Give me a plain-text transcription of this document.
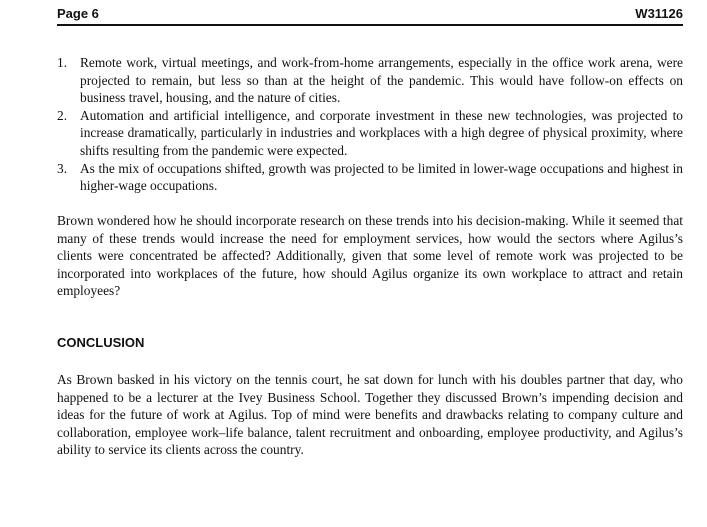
Page 6	W31126
1. Remote work, virtual meetings, and work-from-home arrangements, especially in the office work arena, were projected to remain, but less so than at the height of the pandemic. This would have follow-on effects on business travel, housing, and the nature of cities.
2. Automation and artificial intelligence, and corporate investment in these new technologies, was projected to increase dramatically, particularly in industries and workplaces with a high degree of physical proximity, where shifts resulting from the pandemic were expected.
3. As the mix of occupations shifted, growth was projected to be limited in lower-wage occupations and highest in higher-wage occupations.

Brown wondered how he should incorporate research on these trends into his decision-making. While it seemed that many of these trends would increase the need for employment services, how would the sectors where Agilus’s clients were concentrated be affected? Additionally, given that some level of remote work was projected to be incorporated into workplaces of the future, how should Agilus organize its own workplace to attract and retain employees?

CONCLUSION

As Brown basked in his victory on the tennis court, he sat down for lunch with his doubles partner that day, who happened to be a lecturer at the Ivey Business School. Together they discussed Brown’s impending decision and ideas for the future of work at Agilus. Top of mind were benefits and drawbacks relating to company culture and collaboration, employee work–life balance, talent recruitment and onboarding, employee productivity, and Agilus’s ability to service its clients across the country.
